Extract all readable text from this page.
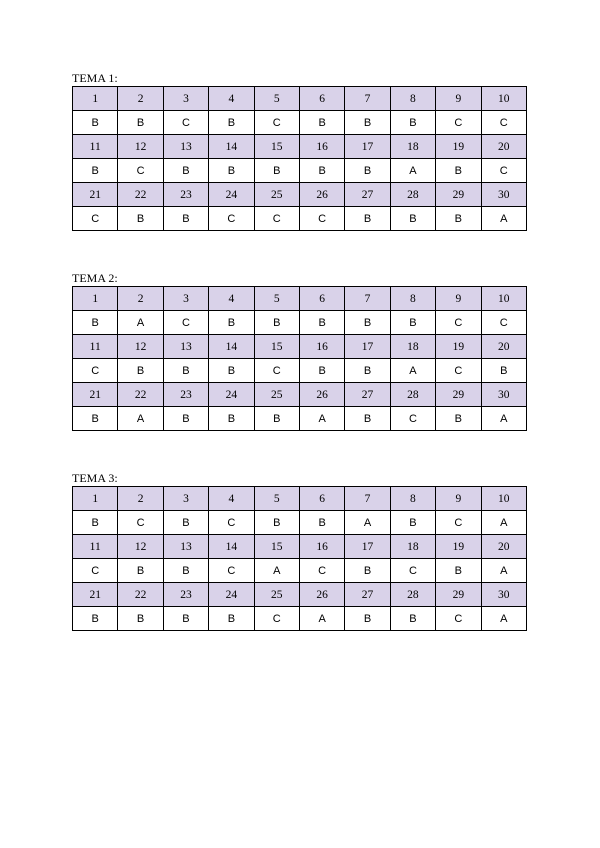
TEMA 1:

1	2	3	4	5	6	7	8	9	10
B	B	C	B	C	B	B	B	C	C
11	12	13	14	15	16	17	18	19	20
B	C	B	B	B	B	B	A	B	C
21	22	23	24	25	26	27	28	29	30
C	B	B	C	C	C	B	B	B	A

TEMA 2:

1	2	3	4	5	6	7	8	9	10
B	A	C	B	B	B	B	B	C	C
11	12	13	14	15	16	17	18	19	20
C	B	B	B	C	B	B	A	C	B
21	22	23	24	25	26	27	28	29	30
B	A	B	B	B	A	B	C	B	A

TEMA 3:

1	2	3	4	5	6	7	8	9	10
B	C	B	C	B	B	A	B	C	A
11	12	13	14	15	16	17	18	19	20
C	B	B	C	A	C	B	C	B	A
21	22	23	24	25	26	27	28	29	30
B	B	B	B	C	A	B	B	C	A
